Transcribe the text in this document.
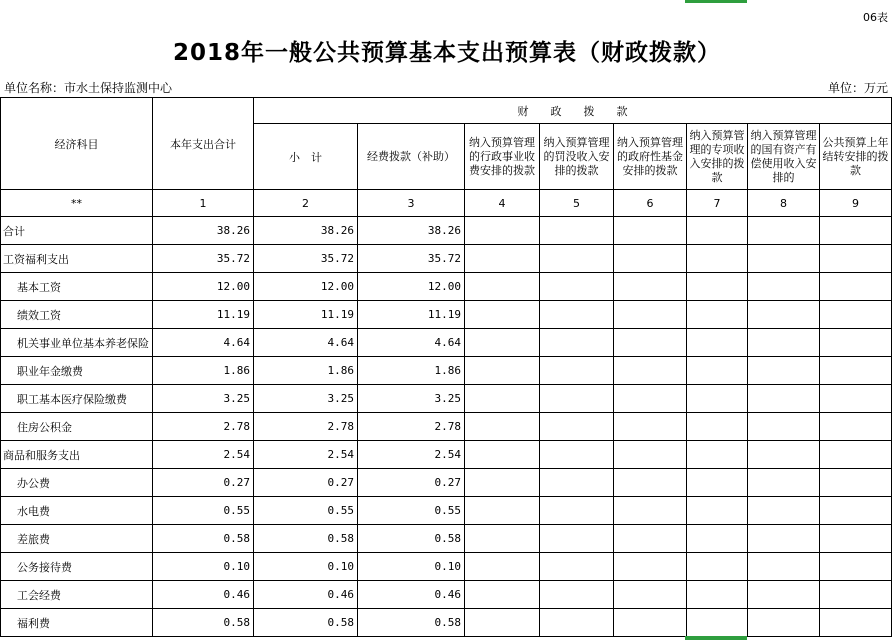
06表
2018年一般公共预算基本支出预算表（财政拨款）
单位名称：市水土保持监测中心	单位：万元
经济科目	本年支出合计	财　　政　　拨　　款							
		小　计	经费拨款（补助）	纳入预算管理的行政事业收费安排的拨款	纳入预算管理的罚没收入安排的拨款	纳入预算管理的政府性基金安排的拨款	纳入预算管理的专项收入安排的拨款	纳入预算管理的国有资产有偿使用收入安排的	公共预算上年结转安排的拨款
**	1	2	3	4	5	6	7	8	9
合计	38.26	38.26	38.26						
工资福利支出	35.72	35.72	35.72						
基本工资	12.00	12.00	12.00						
绩效工资	11.19	11.19	11.19						
机关事业单位基本养老保险	4.64	4.64	4.64						
职业年金缴费	1.86	1.86	1.86						
职工基本医疗保险缴费	3.25	3.25	3.25						
住房公积金	2.78	2.78	2.78						
商品和服务支出	2.54	2.54	2.54						
办公费	0.27	0.27	0.27						
水电费	0.55	0.55	0.55						
差旅费	0.58	0.58	0.58						
公务接待费	0.10	0.10	0.10						
工会经费	0.46	0.46	0.46						
福利费	0.58	0.58	0.58						
